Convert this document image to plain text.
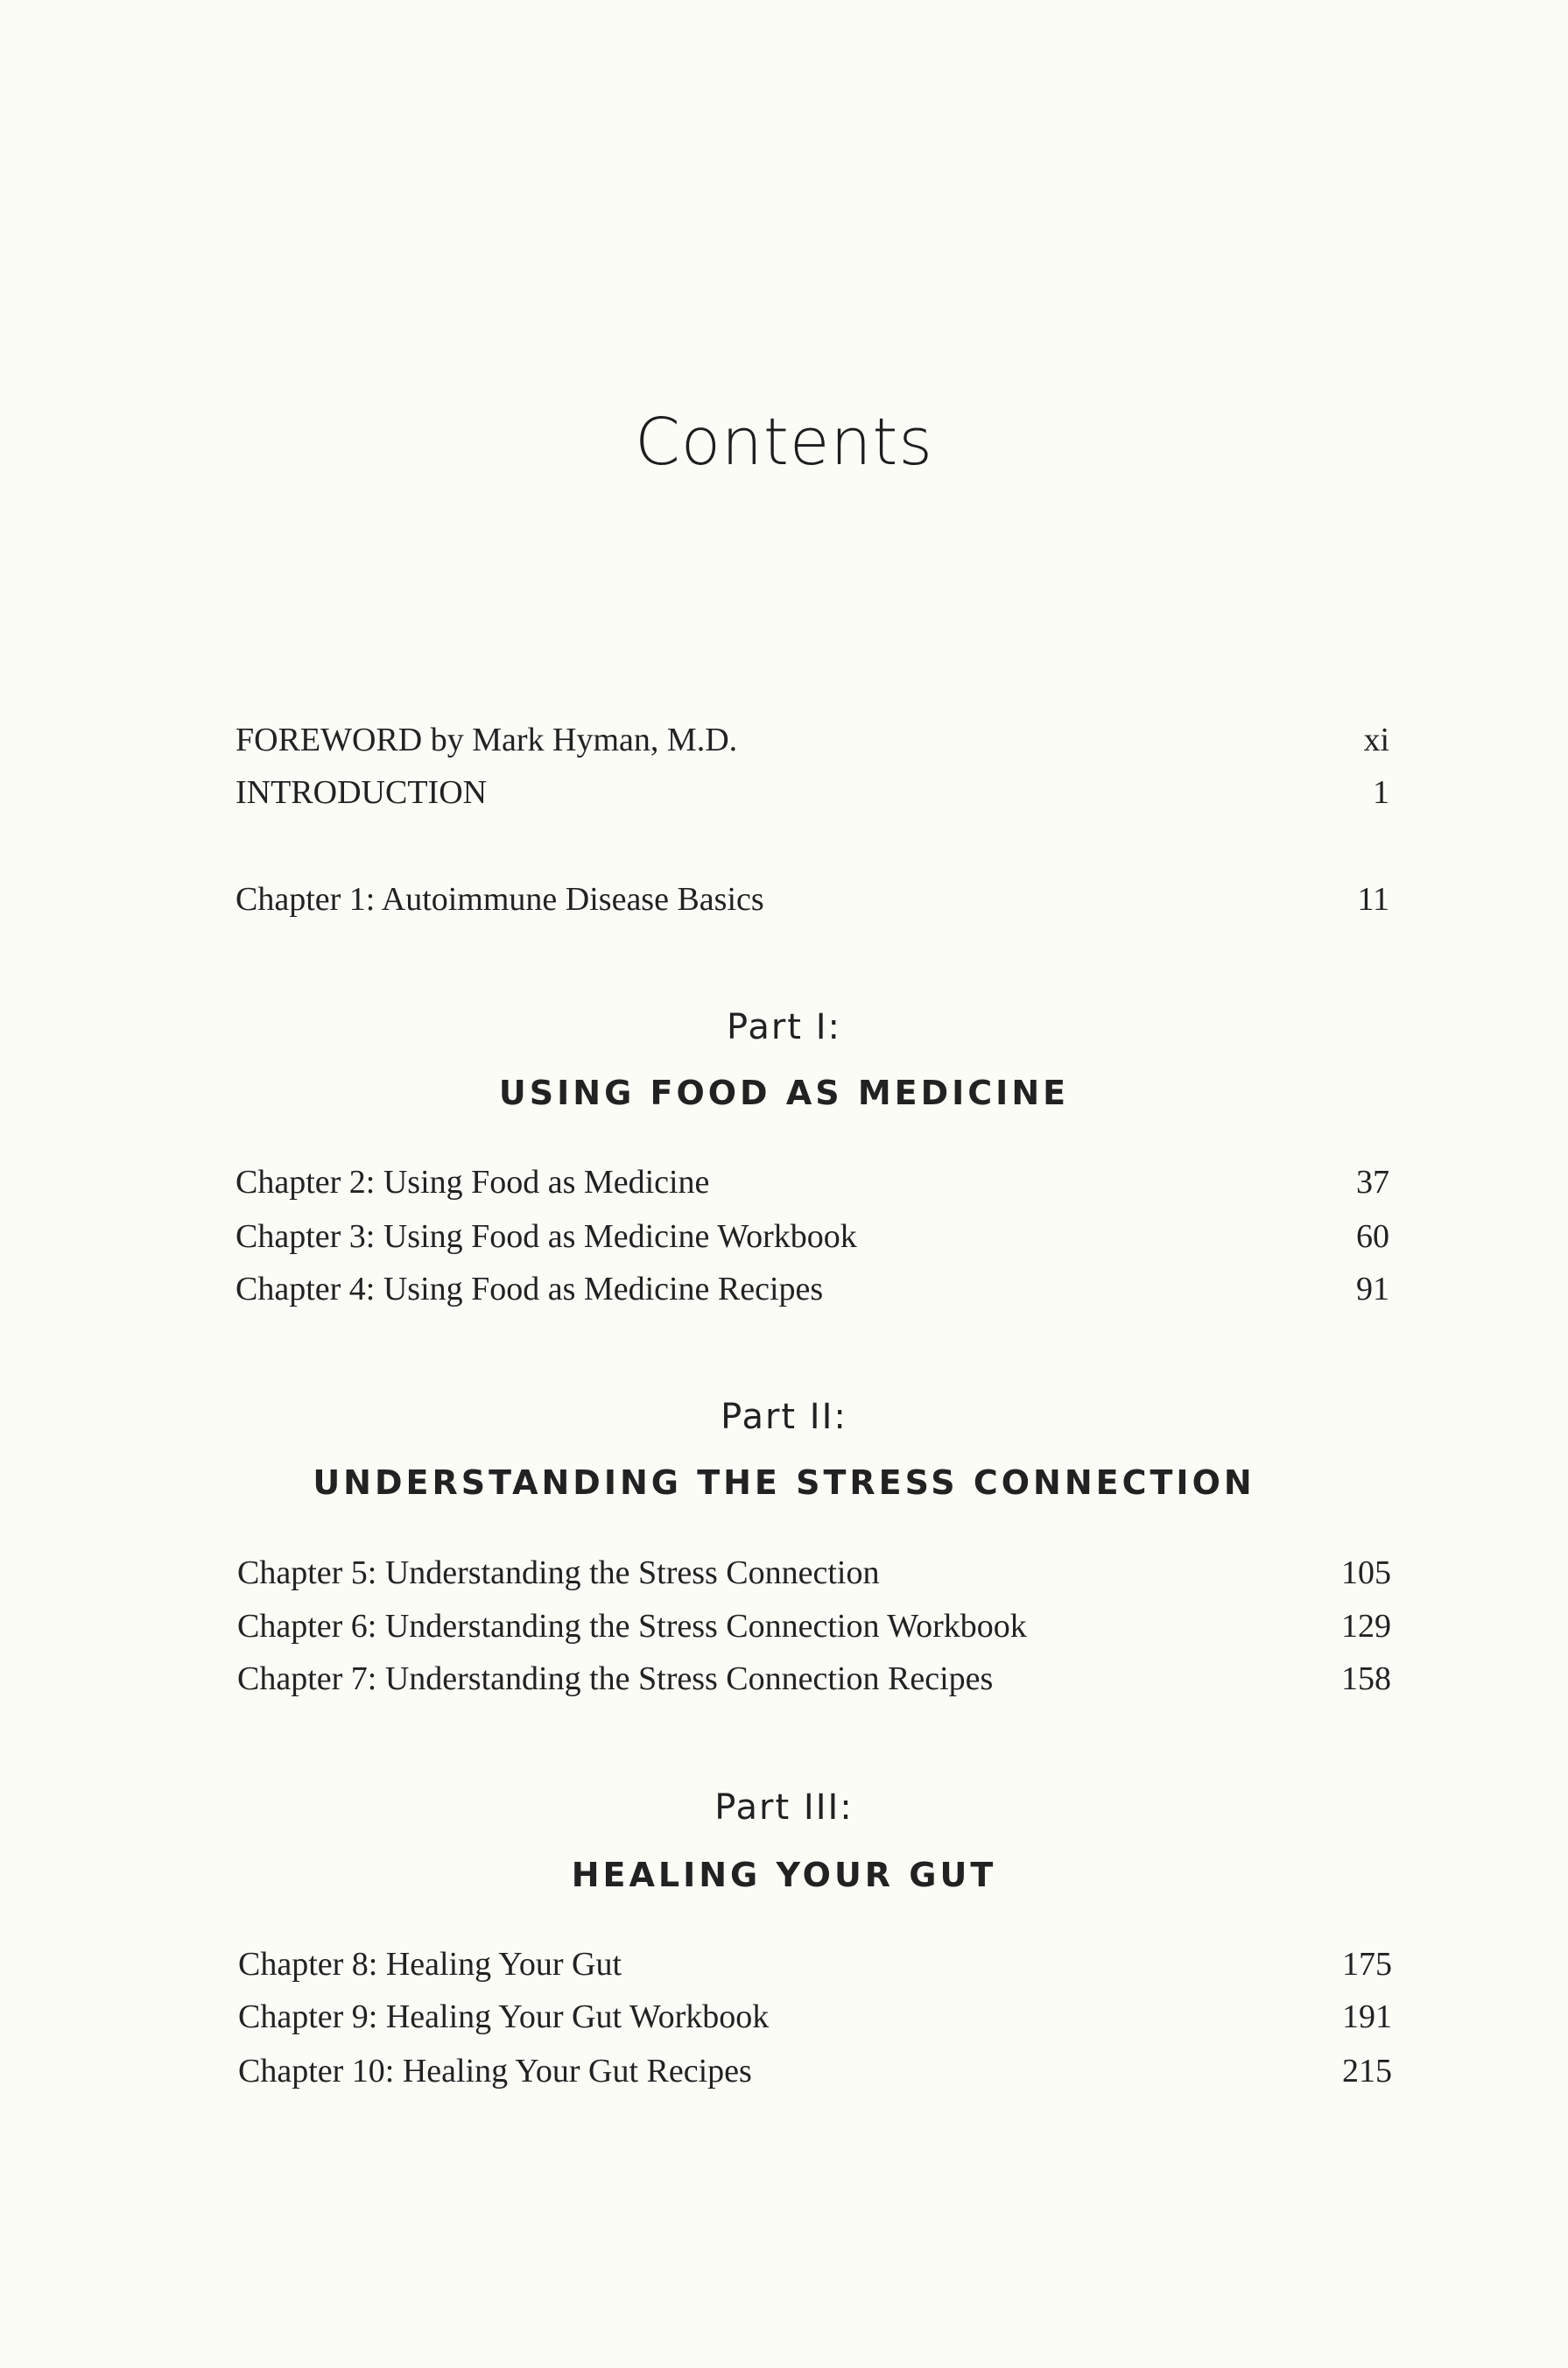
Contents
FOREWORD by Mark Hyman, M.D.	xi
INTRODUCTION	1
Chapter 1: Autoimmune Disease Basics	11
Part I:
USING FOOD AS MEDICINE
Chapter 2: Using Food as Medicine	37
Chapter 3: Using Food as Medicine Workbook	60
Chapter 4: Using Food as Medicine Recipes	91
Part II:
UNDERSTANDING THE STRESS CONNECTION
Chapter 5: Understanding the Stress Connection	105
Chapter 6: Understanding the Stress Connection Workbook	129
Chapter 7: Understanding the Stress Connection Recipes	158
Part III:
HEALING YOUR GUT
Chapter 8: Healing Your Gut	175
Chapter 9: Healing Your Gut Workbook	191
Chapter 10: Healing Your Gut Recipes	215
